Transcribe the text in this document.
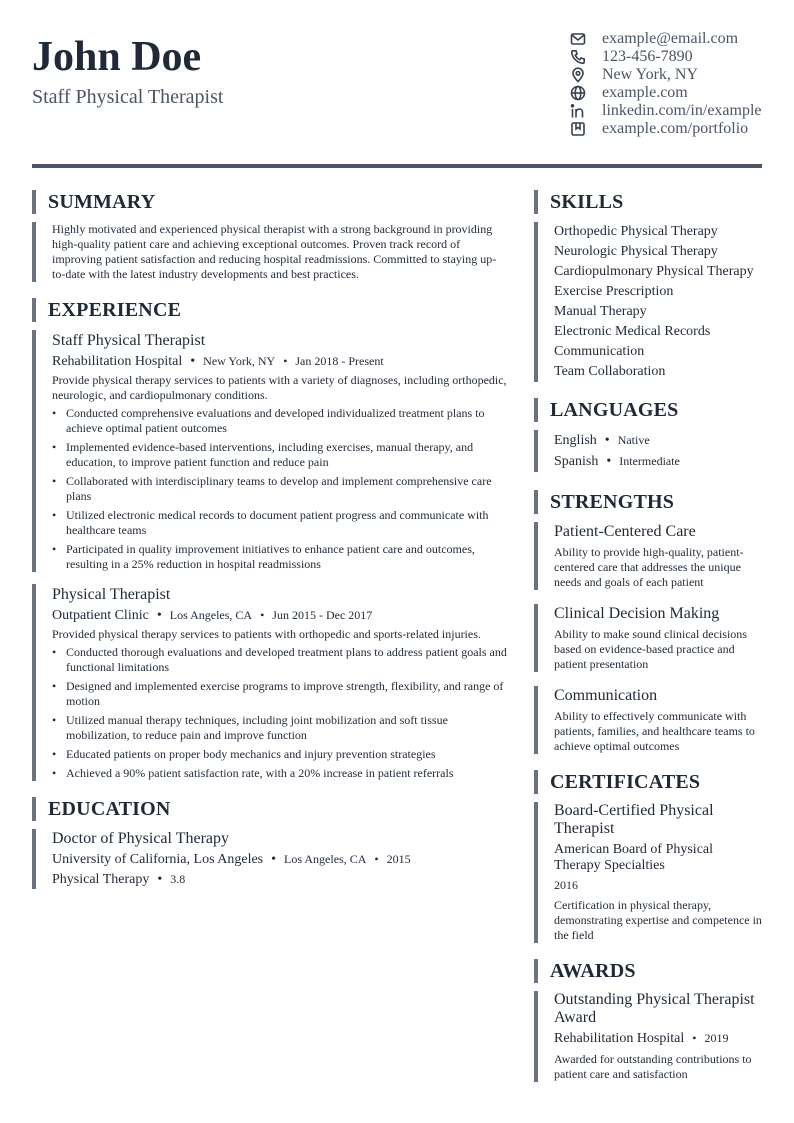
John Doe
Staff Physical Therapist
example@email.com
123-456-7890
New York, NY
example.com
linkedin.com/in/example
example.com/portfolio
SUMMARY
Highly motivated and experienced physical therapist with a strong background in providing high-quality patient care and achieving exceptional outcomes. Proven track record of improving patient satisfaction and reducing hospital readmissions. Committed to staying up-to-date with the latest industry developments and best practices.
EXPERIENCE
Staff Physical Therapist
Rehabilitation Hospital • New York, NY • Jan 2018 - Present
Provide physical therapy services to patients with a variety of diagnoses, including orthopedic, neurologic, and cardiopulmonary conditions.
• Conducted comprehensive evaluations and developed individualized treatment plans to achieve optimal patient outcomes
• Implemented evidence-based interventions, including exercises, manual therapy, and education, to improve patient function and reduce pain
• Collaborated with interdisciplinary teams to develop and implement comprehensive care plans
• Utilized electronic medical records to document patient progress and communicate with healthcare teams
• Participated in quality improvement initiatives to enhance patient care and outcomes, resulting in a 25% reduction in hospital readmissions
Physical Therapist
Outpatient Clinic • Los Angeles, CA • Jun 2015 - Dec 2017
Provided physical therapy services to patients with orthopedic and sports-related injuries.
• Conducted thorough evaluations and developed treatment plans to address patient goals and functional limitations
• Designed and implemented exercise programs to improve strength, flexibility, and range of motion
• Utilized manual therapy techniques, including joint mobilization and soft tissue mobilization, to reduce pain and improve function
• Educated patients on proper body mechanics and injury prevention strategies
• Achieved a 90% patient satisfaction rate, with a 20% increase in patient referrals
EDUCATION
Doctor of Physical Therapy
University of California, Los Angeles • Los Angeles, CA • 2015
Physical Therapy • 3.8
SKILLS
Orthopedic Physical Therapy
Neurologic Physical Therapy
Cardiopulmonary Physical Therapy
Exercise Prescription
Manual Therapy
Electronic Medical Records
Communication
Team Collaboration
LANGUAGES
English • Native
Spanish • Intermediate
STRENGTHS
Patient-Centered Care
Ability to provide high-quality, patient-centered care that addresses the unique needs and goals of each patient
Clinical Decision Making
Ability to make sound clinical decisions based on evidence-based practice and patient presentation
Communication
Ability to effectively communicate with patients, families, and healthcare teams to achieve optimal outcomes
CERTIFICATES
Board-Certified Physical Therapist
American Board of Physical Therapy Specialties
2016
Certification in physical therapy, demonstrating expertise and competence in the field
AWARDS
Outstanding Physical Therapist Award
Rehabilitation Hospital • 2019
Awarded for outstanding contributions to patient care and satisfaction
